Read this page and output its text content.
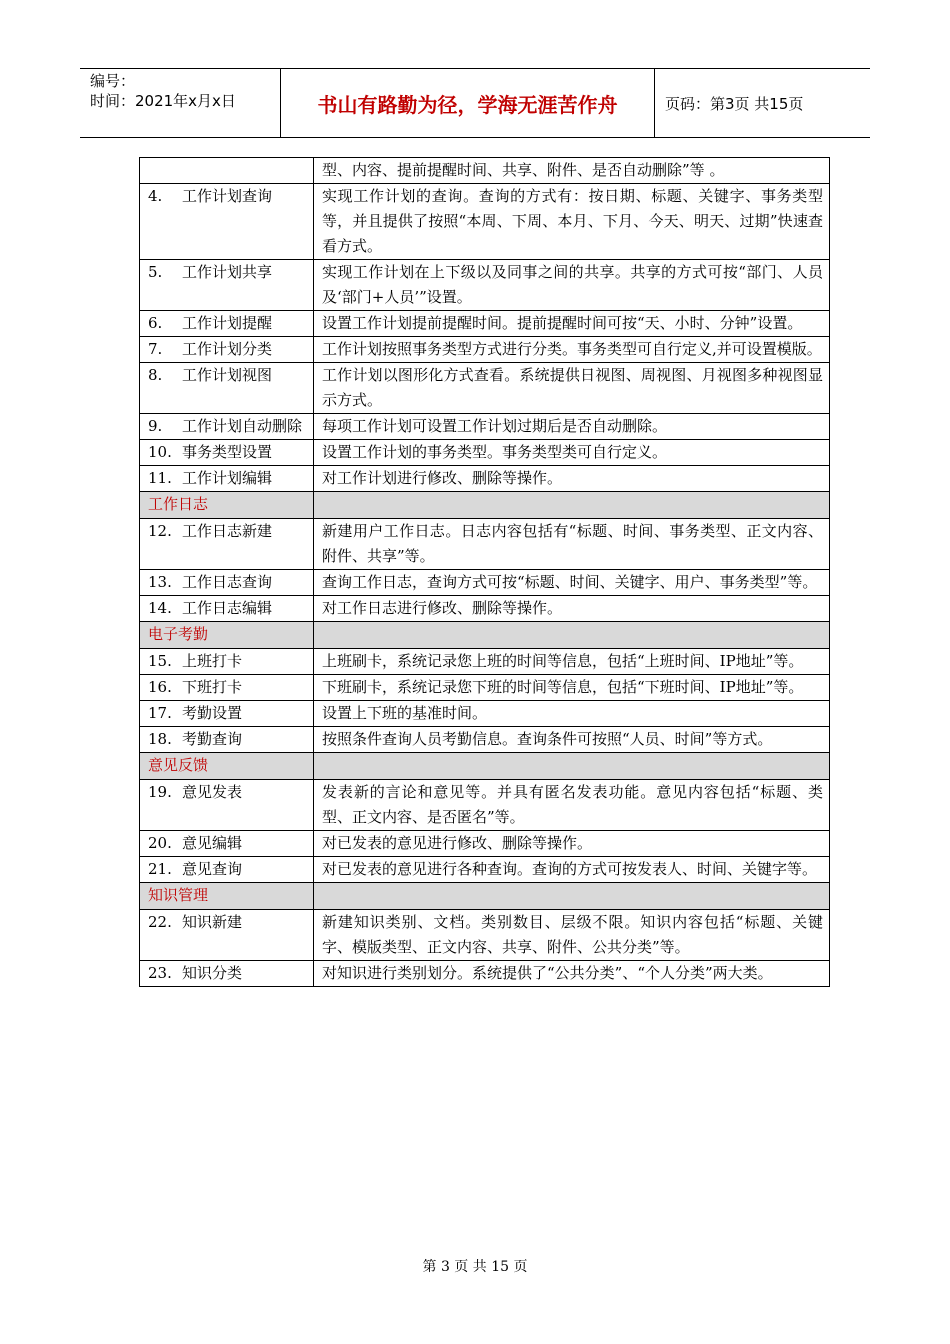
编号：
时间：2021年x月x日	书山有路勤为径，学海无涯苦作舟	页码：第3页 共15页
	型、内容、提前提醒时间、共享、附件、是否自动删除”等 。
4. 工作计划查询	实现工作计划的查询。查询的方式有：按日期、标题、关键字、事务类型等，并且提供了按照“本周、下周、本月、下月、今天、明天、过期”快速查看方式。
5. 工作计划共享	实现工作计划在上下级以及同事之间的共享。共享的方式可按“部门、人员及‘部门+人员’”设置。
6. 工作计划提醒	设置工作计划提前提醒时间。提前提醒时间可按“天、小时、分钟”设置。
7. 工作计划分类	工作计划按照事务类型方式进行分类。事务类型可自行定义,并可设置模版。
8. 工作计划视图	工作计划以图形化方式查看。系统提供日视图、周视图、月视图多种视图显示方式。
9. 工作计划自动删除	每项工作计划可设置工作计划过期后是否自动删除。
10. 事务类型设置	设置工作计划的事务类型。事务类型类可自行定义。
11. 工作计划编辑	对工作计划进行修改、删除等操作。
工作日志	
12. 工作日志新建	新建用户工作日志。日志内容包括有“标题、时间、事务类型、正文内容、附件、共享”等。
13. 工作日志查询	查询工作日志，查询方式可按“标题、时间、关键字、用户、事务类型”等。
14. 工作日志编辑	对工作日志进行修改、删除等操作。
电子考勤	
15. 上班打卡	上班刷卡，系统记录您上班的时间等信息，包括“上班时间、IP地址”等。
16. 下班打卡	下班刷卡，系统记录您下班的时间等信息，包括“下班时间、IP地址”等。
17. 考勤设置	设置上下班的基准时间。
18. 考勤查询	按照条件查询人员考勤信息。查询条件可按照“人员、时间”等方式。
意见反馈	
19. 意见发表	发表新的言论和意见等。并具有匿名发表功能。意见内容包括“标题、类型、正文内容、是否匿名”等。
20. 意见编辑	对已发表的意见进行修改、删除等操作。
21. 意见查询	对已发表的意见进行各种查询。查询的方式可按发表人、时间、关键字等。
知识管理	
22. 知识新建	新建知识类别、文档。类别数目、层级不限。知识内容包括“标题、关键字、模版类型、正文内容、共享、附件、公共分类”等。
23. 知识分类	对知识进行类别划分。系统提供了“公共分类”、“个人分类”两大类。
第 3 页 共 15 页
